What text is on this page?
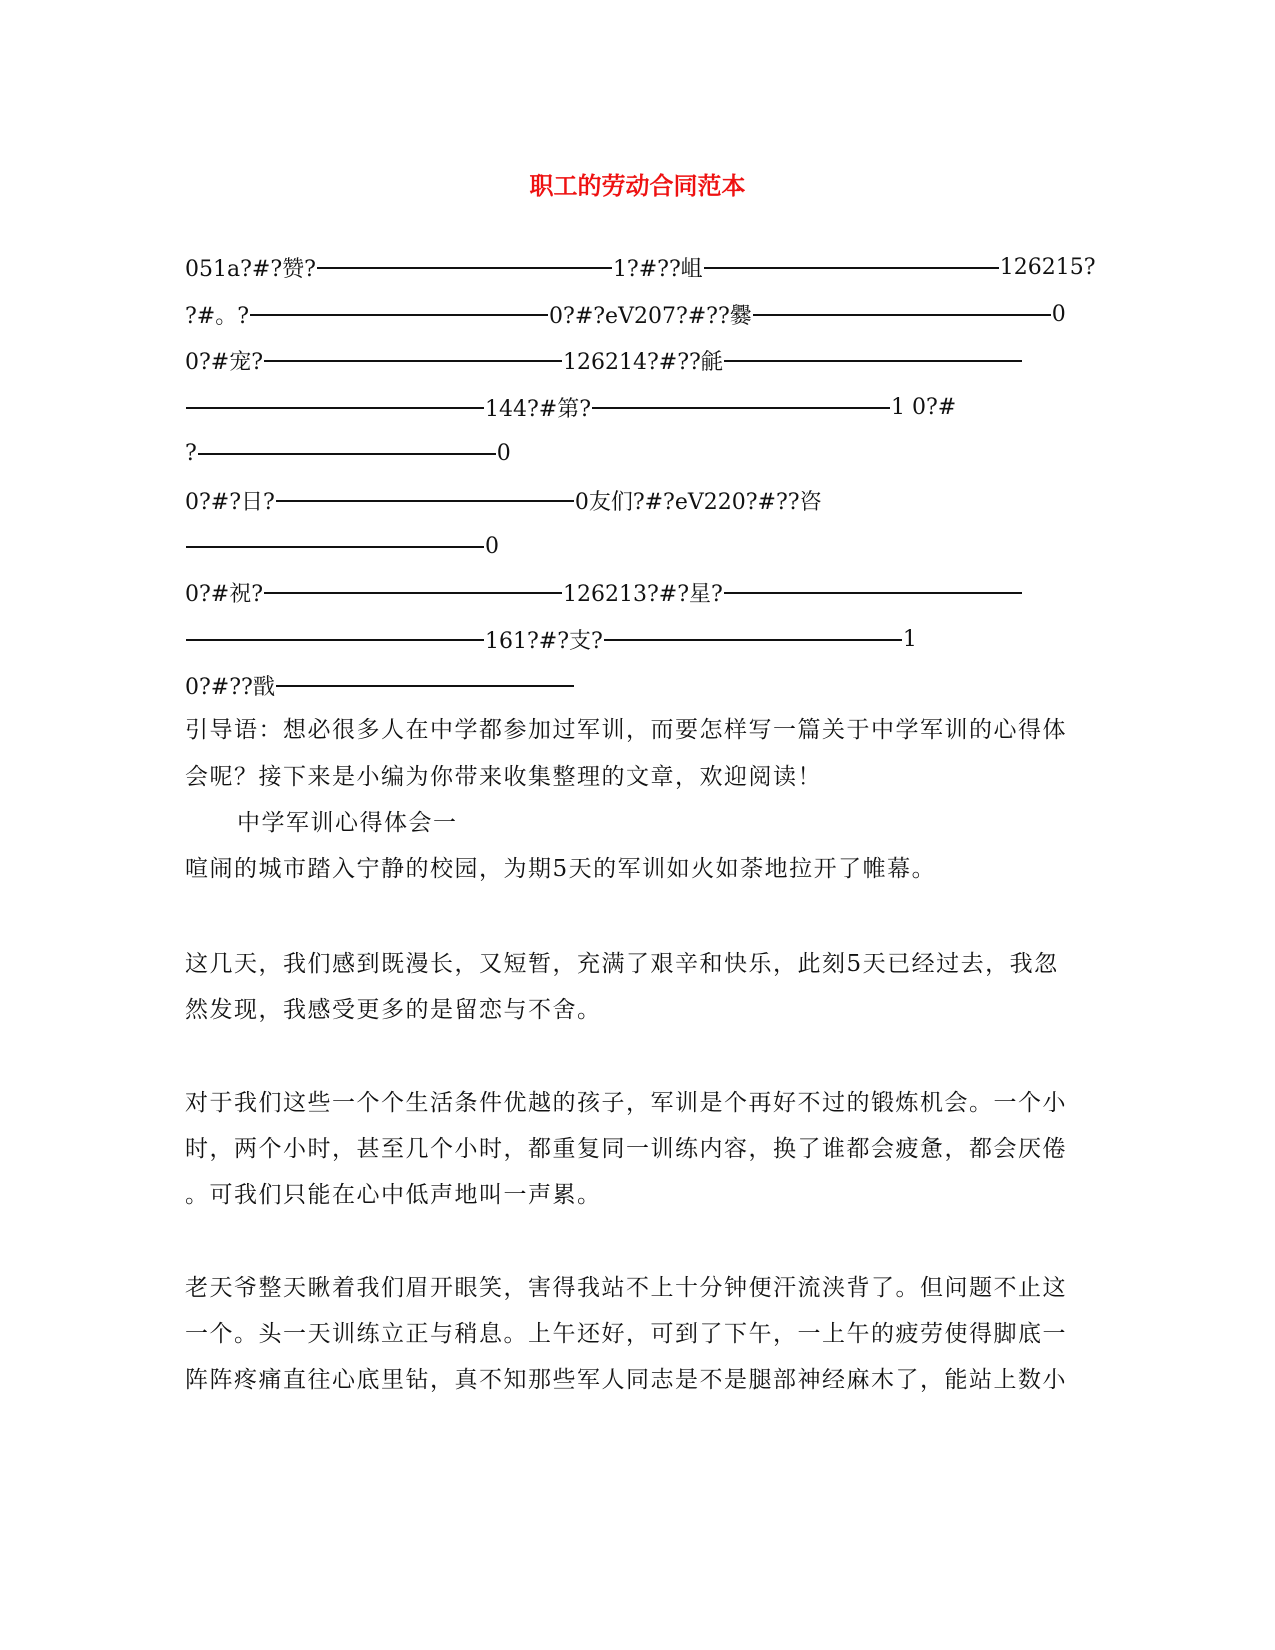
职工的劳动合同范本
051a?#?赞?	1?#??岨	126215?
?#。?	0?#?eV207?#??爨	0
0?#宠?	126214?#??毹
144?#第?	1 0?#
?	0
0?#?日?	0友们?#?eV220?#??咨
0
0?#祝?	126213?#?星?
161?#?支?	1
0?#??戬
引导语：想必很多人在中学都参加过军训，而要怎样写一篇关于中学军训的心得体
会呢？接下来是小编为你带来收集整理的文章，欢迎阅读！
中学军训心得体会一
喧闹的城市踏入宁静的校园，为期5天的军训如火如荼地拉开了帷幕。
这几天，我们感到既漫长，又短暂，充满了艰辛和快乐，此刻5天已经过去，我忽
然发现，我感受更多的是留恋与不舍。
对于我们这些一个个生活条件优越的孩子，军训是个再好不过的锻炼机会。一个小
时，两个小时，甚至几个小时，都重复同一训练内容，换了谁都会疲惫，都会厌倦
。可我们只能在心中低声地叫一声累。
老天爷整天瞅着我们眉开眼笑，害得我站不上十分钟便汗流浃背了。但问题不止这
一个。头一天训练立正与稍息。上午还好，可到了下午，一上午的疲劳使得脚底一
阵阵疼痛直往心底里钻，真不知那些军人同志是不是腿部神经麻木了，能站上数小
